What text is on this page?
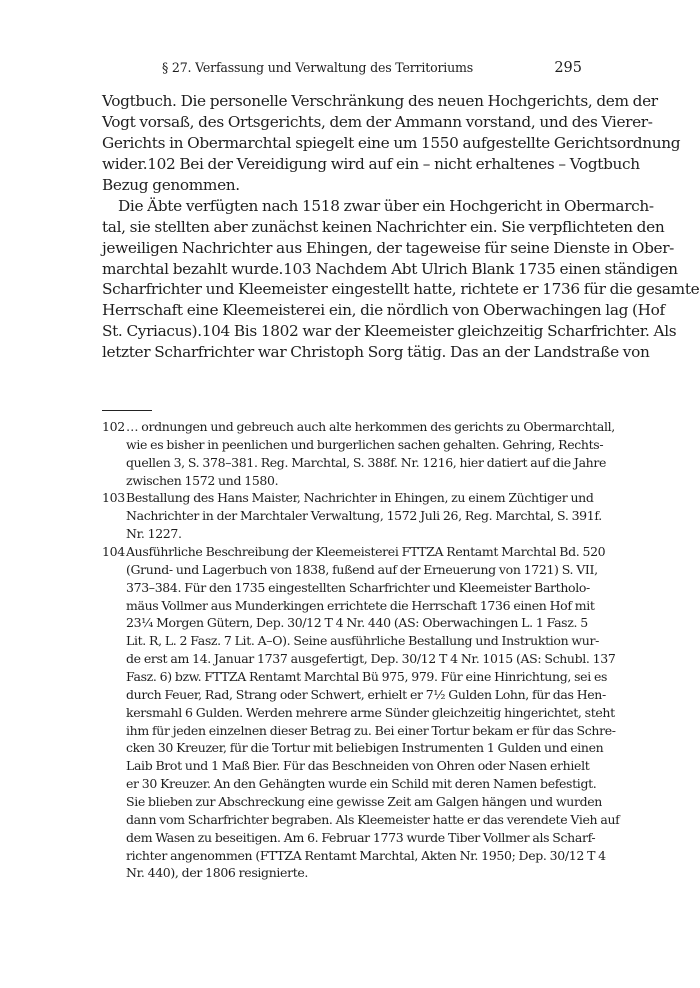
§ 27. Verfassung und Verwaltung des Territoriums	295
Vogtbuch. Die personelle Verschränkung des neuen Hochgerichts, dem der
Vogt vorsaß, des Ortsgerichts, dem der Ammann vorstand, und des Vierer-
Gerichts in Obermarchtal spiegelt eine um 1550 aufgestellte Gerichtsordnung
wider.102 Bei der Vereidigung wird auf ein – nicht erhaltenes – Vogtbuch
Bezug genommen.
Die Äbte verfügten nach 1518 zwar über ein Hochgericht in Obermarch-
tal, sie stellten aber zunächst keinen Nachrichter ein. Sie verpflichteten den
jeweiligen Nachrichter aus Ehingen, der tageweise für seine Dienste in Ober-
marchtal bezahlt wurde.103 Nachdem Abt Ulrich Blank 1735 einen ständigen
Scharfrichter und Kleemeister eingestellt hatte, richtete er 1736 für die gesamte
Herrschaft eine Kleemeisterei ein, die nördlich von Oberwachingen lag (Hof
St. Cyriacus).104 Bis 1802 war der Kleemeister gleichzeitig Scharfrichter. Als
letzter Scharfrichter war Christoph Sorg tätig. Das an der Landstraße von
102 … ordnungen und gebreuch auch alte herkommen des gerichts zu Obermarchtall,
wie es bisher in peenlichen und burgerlichen sachen gehalten. Gehring, Rechts-
quellen 3, S. 378–381. Reg. Marchtal, S. 388f. Nr. 1216, hier datiert auf die Jahre
zwischen 1572 und 1580.
103 Bestallung des Hans Maister, Nachrichter in Ehingen, zu einem Züchtiger und
Nachrichter in der Marchtaler Verwaltung, 1572 Juli 26, Reg. Marchtal, S. 391f.
Nr. 1227.
104 Ausführliche Beschreibung der Kleemeisterei FTTZA Rentamt Marchtal Bd. 520
(Grund- und Lagerbuch von 1838, fußend auf der Erneuerung von 1721) S. VII,
373–384. Für den 1735 eingestellten Scharfrichter und Kleemeister Bartholo-
mäus Vollmer aus Munderkingen errichtete die Herrschaft 1736 einen Hof mit
23¼ Morgen Gütern, Dep. 30/12 T 4 Nr. 440 (AS: Oberwachingen L. 1 Fasz. 5
Lit. R, L. 2 Fasz. 7 Lit. A–O). Seine ausführliche Bestallung und Instruktion wur-
de erst am 14. Januar 1737 ausgefertigt, Dep. 30/12 T 4 Nr. 1015 (AS: Schubl. 137
Fasz. 6) bzw. FTTZA Rentamt Marchtal Bü 975, 979. Für eine Hinrichtung, sei es
durch Feuer, Rad, Strang oder Schwert, erhielt er 7½ Gulden Lohn, für das Hen-
kersmahl 6 Gulden. Werden mehrere arme Sünder gleichzeitig hingerichtet, steht
ihm für jeden einzelnen dieser Betrag zu. Bei einer Tortur bekam er für das Schre-
cken 30 Kreuzer, für die Tortur mit beliebigen Instrumenten 1 Gulden und einen
Laib Brot und 1 Maß Bier. Für das Beschneiden von Ohren oder Nasen erhielt
er 30 Kreuzer. An den Gehängten wurde ein Schild mit deren Namen befestigt.
Sie blieben zur Abschreckung eine gewisse Zeit am Galgen hängen und wurden
dann vom Scharfrichter begraben. Als Kleemeister hatte er das verendete Vieh auf
dem Wasen zu beseitigen. Am 6. Februar 1773 wurde Tiber Vollmer als Scharf-
richter angenommen (FTTZA Rentamt Marchtal, Akten Nr. 1950; Dep. 30/12 T 4
Nr. 440), der 1806 resignierte.
